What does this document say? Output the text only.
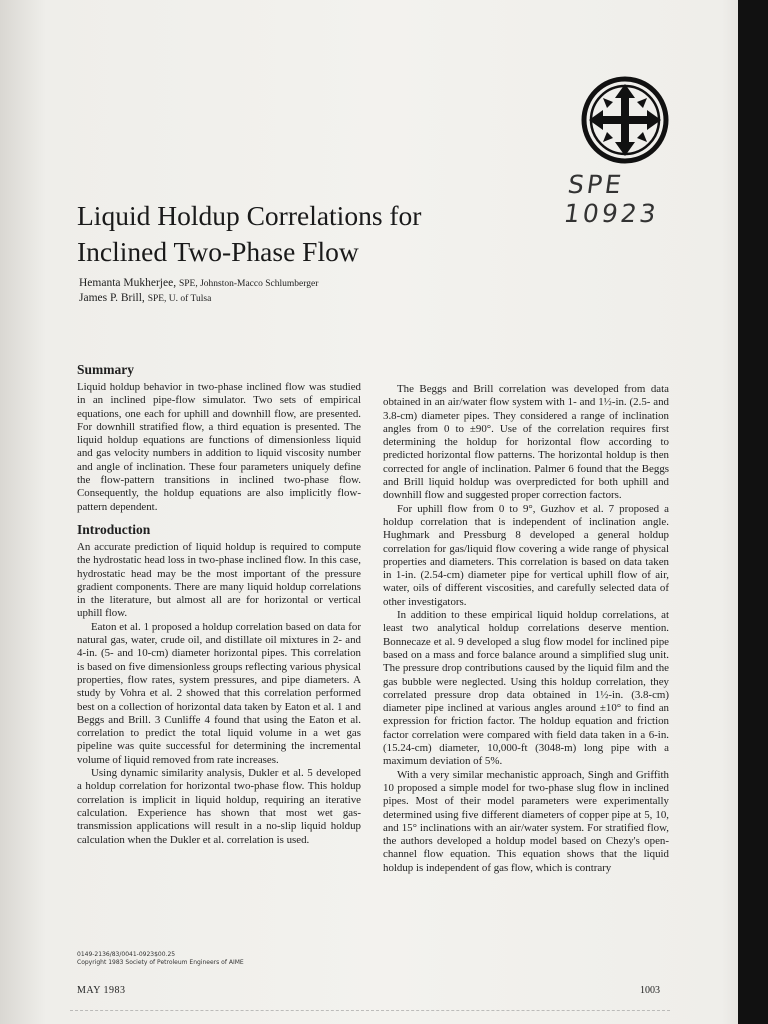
SPE 10923
Liquid Holdup Correlations for
Inclined Two-Phase Flow
Hemanta Mukherjee, SPE, Johnston-Macco Schlumberger
James P. Brill, SPE, U. of Tulsa
Summary

Liquid holdup behavior in two-phase inclined flow was studied in an inclined pipe-flow simulator. Two sets of empirical equations, one each for uphill and downhill flow, are presented. For downhill stratified flow, a third equation is presented. The liquid holdup equations are functions of dimensionless liquid and gas velocity numbers in addition to liquid viscosity number and angle of inclination. These four parameters uniquely define the flow-pattern transitions in inclined two-phase flow. Consequently, the holdup equations are also implicitly flow-pattern dependent.

Introduction

An accurate prediction of liquid holdup is required to compute the hydrostatic head loss in two-phase inclined flow. In this case, hydrostatic head may be the most important of the pressure gradient components. There are many liquid holdup correlations in the literature, but almost all are for horizontal or vertical uphill flow.

Eaton et al. 1 proposed a holdup correlation based on data for natural gas, water, crude oil, and distillate oil mixtures in 2- and 4-in. (5- and 10-cm) diameter horizontal pipes. This correlation is based on five dimensionless groups reflecting various physical properties, flow rates, system pressures, and pipe diameters. A study by Vohra et al. 2 showed that this correlation performed best on a collection of horizontal data taken by Eaton et al. 1 and Beggs and Brill. 3 Cunliffe 4 found that using the Eaton et al. correlation to predict the total liquid volume in a wet gas pipeline was quite successful for determining the incremental volume of liquid removed from rate increases.

Using dynamic similarity analysis, Dukler et al. 5 developed a holdup correlation for horizontal two-phase flow. This holdup correlation is implicit in liquid holdup, requiring an iterative calculation. Experience has shown that most wet gas-transmission applications will result in a no-slip liquid holdup calculation when the Dukler et al. correlation is used.

The Beggs and Brill correlation was developed from data obtained in an air/water flow system with 1- and 1½-in. (2.5- and 3.8-cm) diameter pipes. They considered a range of inclination angles from 0 to ±90°. Use of the correlation requires first determining the holdup for horizontal flow according to predicted horizontal flow patterns. The horizontal holdup is then corrected for angle of inclination. Palmer 6 found that the Beggs and Brill liquid holdup was overpredicted for both uphill and downhill flow and suggested proper correction factors.

For uphill flow from 0 to 9°, Guzhov et al. 7 proposed a holdup correlation that is independent of inclination angle. Hughmark and Pressburg 8 developed a general holdup correlation for gas/liquid flow covering a wide range of physical properties and diameters. This correlation is based on data taken in 1-in. (2.54-cm) diameter pipe for vertical uphill flow of air, water, oils of different viscosities, and carefully selected data of other investigators.

In addition to these empirical liquid holdup correlations, at least two analytical holdup correlations deserve mention. Bonnecaze et al. 9 developed a slug flow model for inclined pipe based on a mass and force balance around a simplified slug unit. The pressure drop contributions caused by the liquid film and the gas bubble were neglected. Using this holdup correlation, they correlated pressure drop data obtained in 1½-in. (3.8-cm) diameter pipe inclined at various angles around ±10° to find an expression for friction factor. The holdup equation and friction factor correlation were compared with field data taken in a 6-in. (15.24-cm) diameter, 10,000-ft (3048-m) long pipe with a maximum deviation of 5%.

With a very similar mechanistic approach, Singh and Griffith 10 proposed a simple model for two-phase slug flow in inclined pipes. Most of their model parameters were experimentally determined using five different diameters of copper pipe at 5, 10, and 15° inclinations with an air/water system. For stratified flow, the authors developed a holdup model based on Chezy's open-channel flow equation. This equation shows that the liquid holdup is independent of gas flow, which is contrary

0149-2136/83/0041-0923$00.25
Copyright 1983 Society of Petroleum Engineers of AIME
MAY 1983	1003
